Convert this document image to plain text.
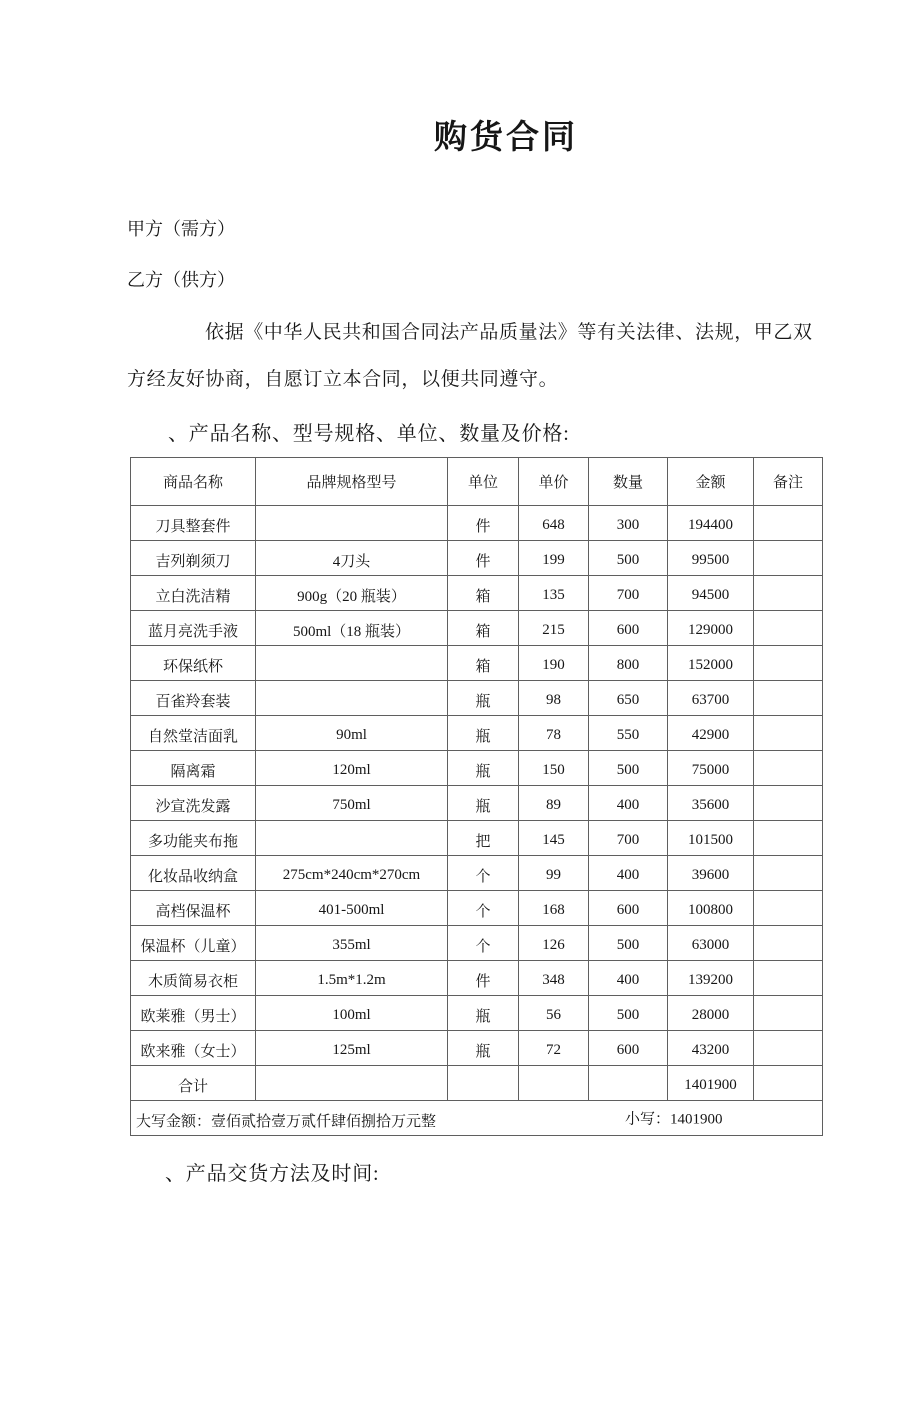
购货合同
甲方（需方）
乙方（供方）
依据《中华人民共和国合同法产品质量法》等有关法律、法规，甲乙双
方经友好协商，自愿订立本合同，以便共同遵守。
、产品名称、型号规格、单位、数量及价格:
商品名称	品牌规格型号	单位	单价	数量	金额	备注
刀具整套件		件	648	300	194400	
吉列剃须刀	4刀头	件	199	500	99500	
立白洗洁精	900g（20 瓶装）	箱	135	700	94500	
蓝月亮洗手液	500ml（18 瓶装）	箱	215	600	129000	
环保纸杯		箱	190	800	152000	
百雀羚套装		瓶	98	650	63700	
自然堂洁面乳	90ml	瓶	78	550	42900	
隔离霜	120ml	瓶	150	500	75000	
沙宣洗发露	750ml	瓶	89	400	35600	
多功能夹布拖		把	145	700	101500	
化妆品收纳盒	275cm*240cm*270cm	个	99	400	39600	
高档保温杯	401-500ml	个	168	600	100800	
保温杯（儿童）	355ml	个	126	500	63000	
木质简易衣柜	1.5m*1.2m	件	348	400	139200	
欧莱雅（男士）	100ml	瓶	56	500	28000	
欧来雅（女士）	125ml	瓶	72	600	43200	
合计					1401900	
大写金额：壹佰贰拾壹万贰仟肆佰捌拾万元整 小写：1401900						
、产品交货方法及时间:
